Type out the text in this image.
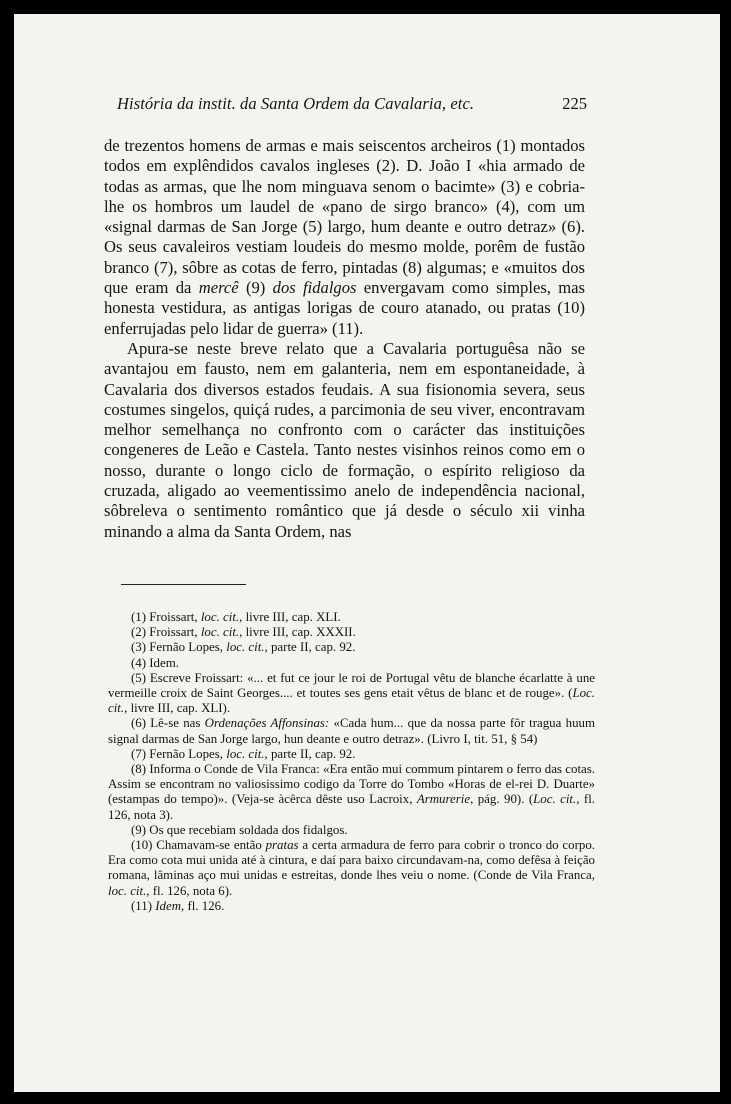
História da instit. da Santa Ordem da Cavalaria, etc.	225

de trezentos homens de armas e mais seiscentos archeiros (1) montados todos em explêndidos cavalos ingleses (2). D. João I «hia armado de todas as armas, que lhe nom minguava senom o bacimte» (3) e cobria-lhe os hombros um laudel de «pano de sirgo branco» (4), com um «signal darmas de San Jorge (5) largo, hum deante e outro detraz» (6). Os seus cavaleiros vestiam loudeis do mesmo molde, porêm de fustão branco (7), sôbre as cotas de ferro, pintadas (8) algumas; e «muitos dos que eram da mercê (9) dos fidalgos envergavam como simples, mas honesta vestidura, as antigas lorigas de couro atanado, ou pratas (10) enferrujadas pelo lidar de guerra» (11).

Apura-se neste breve relato que a Cavalaria portuguêsa não se avantajou em fausto, nem em galanteria, nem em espontaneidade, à Cavalaria dos diversos estados feudais. A sua fisionomia severa, seus costumes singelos, quiçá rudes, a parcimonia de seu viver, encontravam melhor semelhança no confronto com o carácter das instituições congeneres de Leão e Castela. Tanto nestes visinhos reinos como em o nosso, durante o longo ciclo de formação, o espírito religioso da cruzada, aligado ao veementissimo anelo de independência nacional, sôbreleva o sentimento romântico que já desde o século xii vinha minando a alma da Santa Ordem, nas

(1) Froissart, loc. cit., livre III, cap. XLI.

(2) Froissart, loc. cit., livre III, cap. XXXII.

(3) Fernão Lopes, loc. cit., parte II, cap. 92.

(4) Idem.

(5) Escreve Froissart: «... et fut ce jour le roi de Portugal vêtu de blanche écarlatte à une vermeille croix de Saint Georges.... et toutes ses gens etait vêtus de blanc et de rouge». (Loc. cit., livre III, cap. XLI).

(6) Lê-se nas Ordenações Affonsinas: «Cada hum... que da nossa parte fôr tragua huum signal darmas de San Jorge largo, hun deante e outro detraz». (Livro I, tit. 51, § 54)

(7) Fernão Lopes, loc. cit., parte II, cap. 92.

(8) Informa o Conde de Vila Franca: «Era então mui commum pintarem o ferro das cotas. Assim se encontram no valiosissimo codigo da Torre do Tombo «Horas de el-rei D. Duarte» (estampas do tempo)». (Veja-se àcêrca dêste uso Lacroix, Armurerie, pág. 90). (Loc. cit., fl. 126, nota 3).

(9) Os que recebiam soldada dos fidalgos.

(10) Chamavam-se então pratas a certa armadura de ferro para cobrir o tronco do corpo. Era como cota mui unida até à cintura, e daí para baixo circundavam-na, como defêsa à feição romana, lâminas aço mui unidas e estreitas, donde lhes veiu o nome. (Conde de Vila Franca, loc. cit., fl. 126, nota 6).

(11) Idem, fl. 126.
